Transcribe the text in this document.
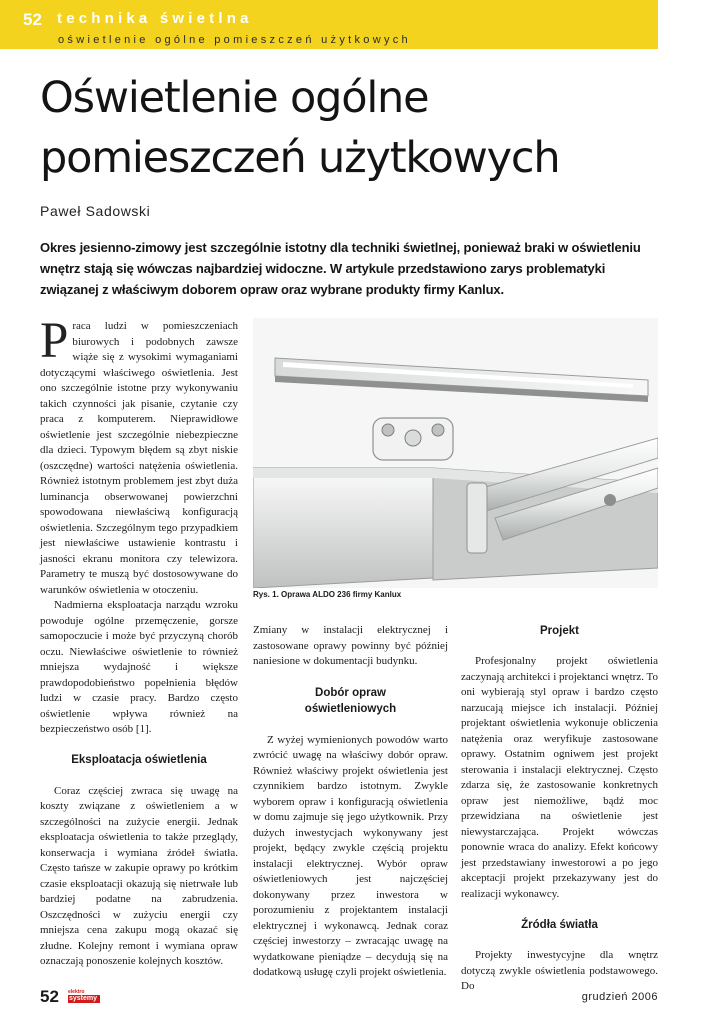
52 technika świetlna
oświetlenie ogólne pomieszczeń użytkowych
Oświetlenie ogólne
pomieszczeń użytkowych
Paweł Sadowski

Okres jesienno-zimowy jest szczególnie istotny dla techniki świetlnej, ponieważ braki w oświetleniu wnętrz stają się wówczas najbardziej widoczne. W artykule przedstawiono zarys problematyki związanej z właściwym doborem opraw oraz wybrane produkty firmy Kanlux.

Praca ludzi w pomieszczeniach biurowych i podobnych zawsze wiąże się z wysokimi wymaganiami dotyczącymi właściwego oświetlenia. Jest ono szczególnie istotne przy wykonywaniu takich czynności jak pisanie, czytanie czy praca z komputerem. Nieprawidłowe oświetlenie jest szczególnie niebezpieczne dla dzieci. Typowym błędem są zbyt niskie (oszczędne) wartości natężenia oświetlenia. Również istotnym problemem jest zbyt duża luminancja obserwowanej powierzchni spowodowana niewłaściwą konfiguracją oświetlenia. Szczególnym tego przypadkiem jest niewłaściwe ustawienie kontrastu i jasności ekranu monitora czy telewizora. Parametry te muszą być dostosowywane do warunków oświetlenia w otoczeniu.

Nadmierna eksploatacja narządu wzroku powoduje ogólne przemęczenie, gorsze samopoczucie i może być przyczyną chorób oczu. Niewłaściwe oświetlenie to również mniejsza wydajność i większe prawdopodobieństwo popełnienia błędów ludzi w czasie pracy. Bardzo często oświetlenie wpływa również na bezpieczeństwo osób [1].

Eksploatacja oświetlenia

Coraz częściej zwraca się uwagę na koszty związane z oświetleniem a w szczególności na zużycie energii. Jednak eksploatacja oświetlenia to także przeglądy, konserwacja i wymiana źródeł światła. Często tańsze w zakupie oprawy po krótkim czasie eksploatacji okazują się nietrwałe lub bardziej podatne na zabrudzenia. Oszczędności w zużyciu energii czy mniejsza cena zakupu mogą okazać się złudne. Kolejny remont i wymiana opraw oznaczają ponoszenie kolejnych kosztów.

Rys. 1. Oprawa ALDO 236 firmy Kanlux

Zmiany w instalacji elektrycznej i zastosowane oprawy powinny być później naniesione w dokumentacji budynku.

Dobór opraw oświetleniowych

Z wyżej wymienionych powodów warto zwrócić uwagę na właściwy dobór opraw. Również właściwy projekt oświetlenia jest czynnikiem bardzo istotnym. Zwykle wyborem opraw i konfiguracją oświetlenia w domu zajmuje się jego użytkownik. Przy dużych inwestycjach wykonywany jest projekt, będący zwykle częścią projektu instalacji elektrycznej. Wybór opraw oświetleniowych jest najczęściej dokonywany przez inwestora w porozumieniu z projektantem instalacji elektrycznej i wykonawcą. Jednak coraz częściej inwestorzy – zwracając uwagę na wydatkowane pieniądze – decydują się na dodatkową usługę czyli projekt oświetlenia.

Projekt

Profesjonalny projekt oświetlenia zaczynają architekci i projektanci wnętrz. To oni wybierają styl opraw i bardzo często narzucają miejsce ich instalacji. Później projektant oświetlenia wykonuje obliczenia natężenia oraz weryfikuje zastosowane oprawy. Ostatnim ogniwem jest projekt sterowania i instalacji elektrycznej. Często zdarza się, że zastosowanie konkretnych opraw jest niemożliwe, bądź moc przewidziana na oświetlenie jest niewystarczająca. Projekt wówczas ponownie wraca do analizy. Efekt końcowy jest przedstawiany inwestorowi a po jego akceptacji projekt przekazywany jest do realizacji wykonawcy.

Źródła światła

Projekty inwestycyjne dla wnętrz dotyczą zwykle oświetlenia podstawowego. Do

52 elektro
systemy	grudzień 2006
